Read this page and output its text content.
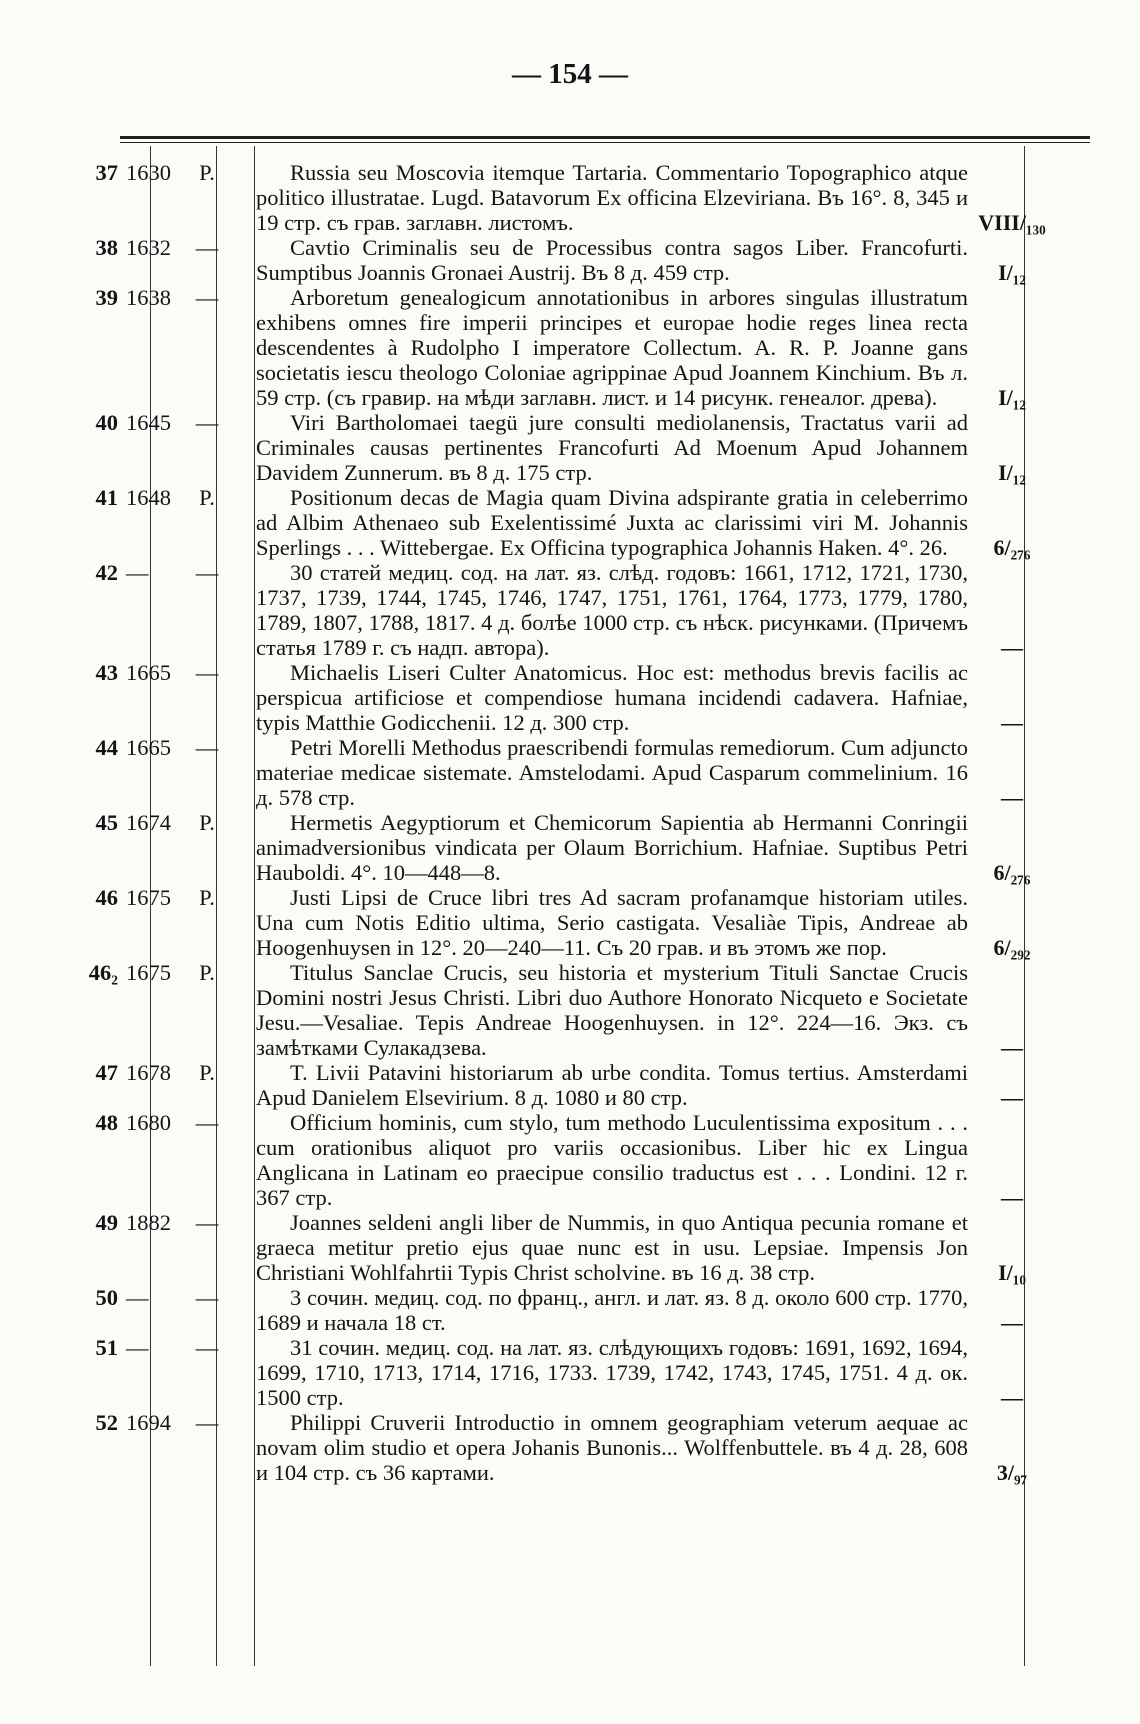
— 154 —
37 1630	P.	Russia seu Moscovia itemque Tartaria. Commentario Topographico atque politico illustratae. Lugd. Batavorum Ex officina Elzeviriana. Въ 16°. 8, 345 и 19 стр. съ грав. заглавн. листомъ.	VIII/₁₃₀
38 1632	—	Cavtio Criminalis seu de Processibus contra sagos Liber. Francofurti. Sumptibus Joannis Gronaei Austrij. Въ 8 д. 459 стр.	I/₁₂
39 1638	—	Arboretum genealogicum annotationibus in arbores singulas illustratum exhibens omnes fire imperii principes et europae hodie reges linea recta descendentes à Rudolpho I imperatore Collectum. A. R. P. Joanne gans societatis iescu theologo Coloniae agrippinae Apud Joannem Kinchium. Въ л. 59 стр. (съ гравир. на мѣди заглавн. лист. и 14 рисунк. генеалог. древа).	I/₁₂
40 1645	—	Viri Bartholomaei taegü jure consulti mediolanensis, Tractatus varii ad Criminales causas pertinentes Francofurti Ad Moenum Apud Johannem Davidem Zunnerum. въ 8 д. 175 стр.	I/₁₂
41 1648	P.	Positionum decas de Magia quam Divina adspirante gratia in celeberrimo ad Albim Athenaeo sub Exelentissimé Juxta ac clarissimi viri M. Johannis Sperlings . . . Wittebergae. Ex Officina typographica Johannis Haken. 4°. 26.	6/₂₇₆
42 —	—	30 статей медиц. сод. на лат. яз. слѣд. годовъ: 1661, 1712, 1721, 1730, 1737, 1739, 1744, 1745, 1746, 1747, 1751, 1761, 1764, 1773, 1779, 1780, 1789, 1807, 1788, 1817. 4 д. болѣе 1000 стр. съ нѣск. рисунками. (Причемъ статья 1789 г. съ надп. автора).	—
43 1665	—	Michaelis Liseri Culter Anatomicus. Hoc est: methodus brevis facilis ac perspicua artificiose et compendiose humana incidendi cadavera. Hafniae, typis Matthie Godicchenii. 12 д. 300 стр.	—
44 1665	—	Petri Morelli Methodus praescribendi formulas remediorum. Cum adjuncto materiae medicae sistemate. Amstelodami. Apud Casparum commelinium. 16 д. 578 стр.	—
45 1674	P.	Hermetis Aegyptiorum et Chemicorum Sapientia ab Hermanni Conringii animadversionibus vindicata per Olaum Borrichium. Hafniae. Suptibus Petri Hauboldi. 4°. 10—448—8.	6/₂₇₆
46 1675	P.	Justi Lipsi de Cruce libri tres Ad sacram profanamque historiam utiles. Una cum Notis Editio ultima, Serio castigata. Vesaliàe Tipis, Andreae ab Hoogenhuysen in 12°. 20—240—11. Съ 20 грав. и въ этомъ же пор.	6/₂₉₂
46₂ 1675	P.	Titulus Sanclae Crucis, seu historia et mysterium Tituli Sanctae Crucis Domini nostri Jesus Christi. Libri duo Authore Honorato Nicqueto e Societate Jesu.—Vesaliae. Tepis Andreae Hoogenhuysen. in 12°. 224—16. Экз. съ замѣтками Сулакадзева.	—
47 1678	P.	T. Livii Patavini historiarum ab urbe condita. Tomus tertius. Amsterdami Apud Danielem Elsevirium. 8 д. 1080 и 80 стр.	—
48 1680	—	Officium hominis, cum stylo, tum methodo Luculentissima expositum . . . cum orationibus aliquot pro variis occasionibus. Liber hic ex Lingua Anglicana in Latinam eo praecipue consilio traductus est . . . Londini. 12 г. 367 стр.	—
49 1882	—	Joannes seldeni angli liber de Nummis, in quo Antiqua pecunia romane et graeca metitur pretio ejus quae nunc est in usu. Lepsiae. Impensis Jon Christiani Wohlfahrtii Typis Christ scholvine. въ 16 д. 38 стр.	I/₁₀
50 —	—	3 сочин. медиц. сод. по франц., англ. и лат. яз. 8 д. около 600 стр. 1770, 1689 и начала 18 ст.	—
51 —	—	31 сочин. медиц. сод. на лат. яз. слѣдующихъ годовъ: 1691, 1692, 1694, 1699, 1710, 1713, 1714, 1716, 1733. 1739, 1742, 1743, 1745, 1751. 4 д. ок. 1500 стр.	—
52 1694	—	Philippi Cruverii Introductio in omnem geographiam veterum aequae ac novam olim studio et opera Johanis Bunonis... Wolffenbuttele. въ 4 д. 28, 608 и 104 стр. съ 36 картами.	3/₉₇
